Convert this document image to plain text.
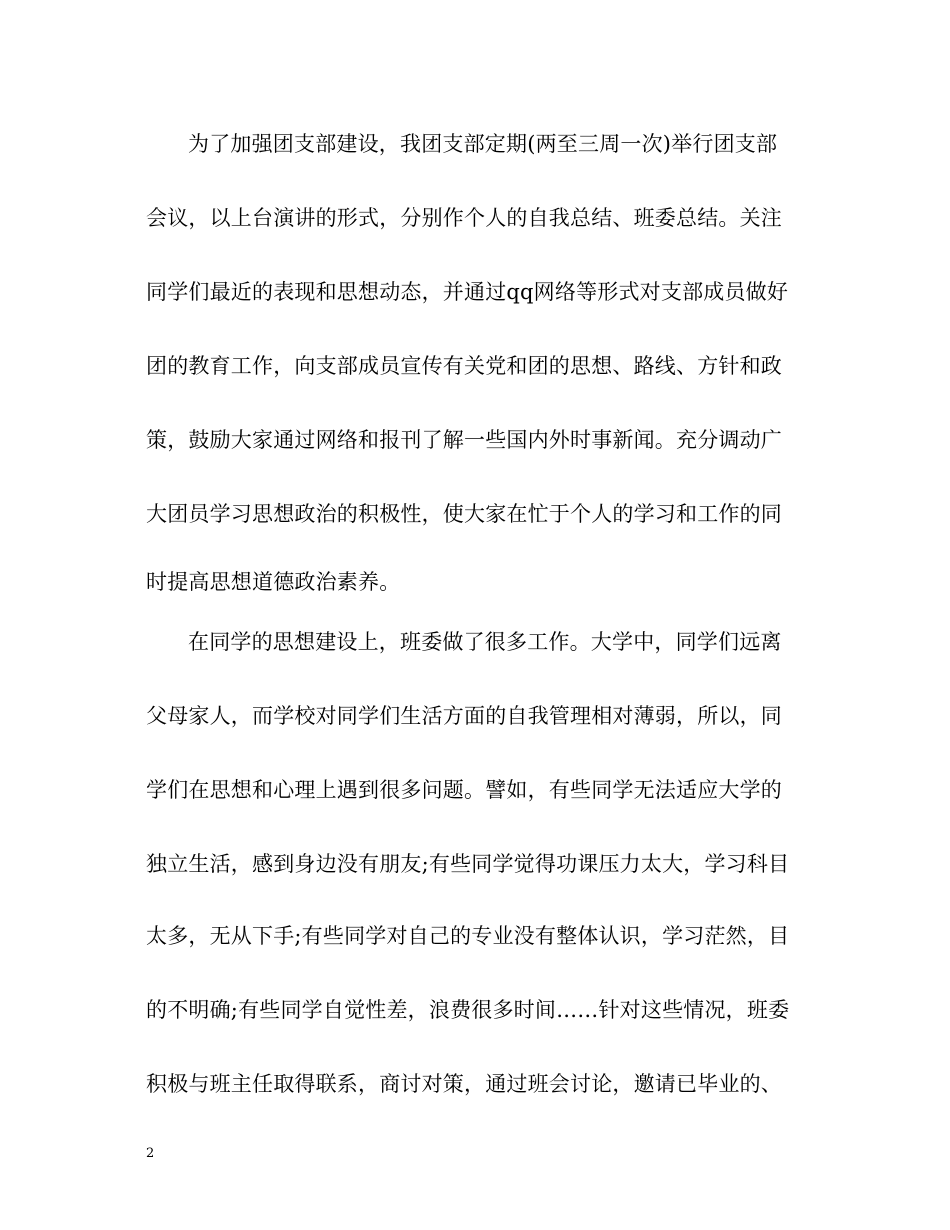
为了加强团支部建设，我团支部定期(两至三周一次)举行团支部
会议，以上台演讲的形式，分别作个人的自我总结、班委总结。关注
同学们最近的表现和思想动态，并通过qq网络等形式对支部成员做好
团的教育工作，向支部成员宣传有关党和团的思想、路线、方针和政
策，鼓励大家通过网络和报刊了解一些国内外时事新闻。充分调动广
大团员学习思想政治的积极性，使大家在忙于个人的学习和工作的同
时提高思想道德政治素养。
在同学的思想建设上，班委做了很多工作。大学中，同学们远离
父母家人，而学校对同学们生活方面的自我管理相对薄弱，所以，同
学们在思想和心理上遇到很多问题。譬如，有些同学无法适应大学的
独立生活，感到身边没有朋友;有些同学觉得功课压力太大，学习科目
太多，无从下手;有些同学对自己的专业没有整体认识，学习茫然，目
的不明确;有些同学自觉性差，浪费很多时间……针对这些情况，班委
积极与班主任取得联系，商讨对策，通过班会讨论，邀请已毕业的、
2
